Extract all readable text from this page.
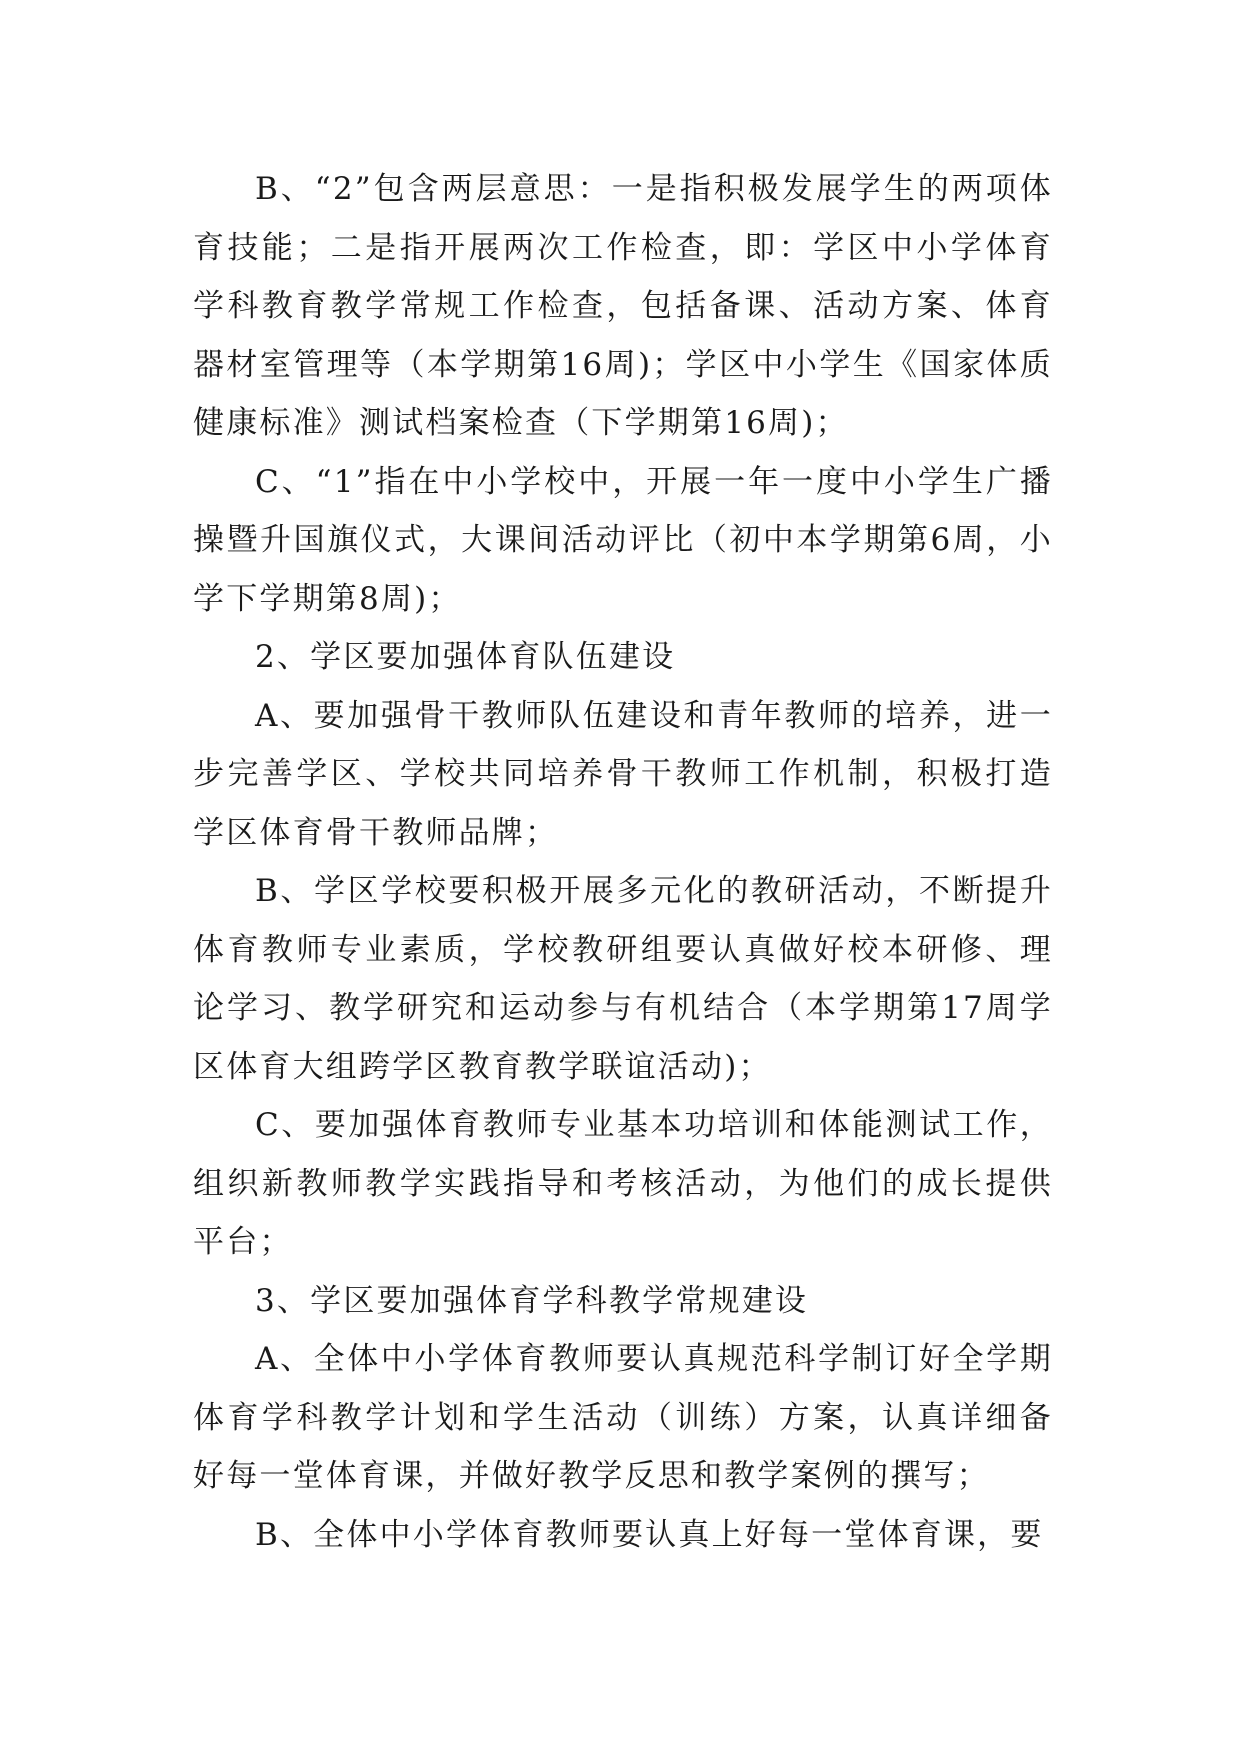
B、“2”包含两层意思：一是指积极发展学生的两项体育技能；二是指开展两次工作检查，即：学区中小学体育学科教育教学常规工作检查，包括备课、活动方案、体育器材室管理等（本学期第16周)；学区中小学生《国家体质健康标准》测试档案检查（下学期第16周)；

C、“1”指在中小学校中，开展一年一度中小学生广播操暨升国旗仪式，大课间活动评比（初中本学期第6周，小学下学期第8周)；

2、学区要加强体育队伍建设

A、要加强骨干教师队伍建设和青年教师的培养，进一步完善学区、学校共同培养骨干教师工作机制，积极打造学区体育骨干教师品牌；

B、学区学校要积极开展多元化的教研活动，不断提升体育教师专业素质，学校教研组要认真做好校本研修、理论学习、教学研究和运动参与有机结合（本学期第17周学区体育大组跨学区教育教学联谊活动)；

C、要加强体育教师专业基本功培训和体能测试工作，组织新教师教学实践指导和考核活动，为他们的成长提供平台；

3、学区要加强体育学科教学常规建设

A、全体中小学体育教师要认真规范科学制订好全学期体育学科教学计划和学生活动（训练）方案，认真详细备好每一堂体育课，并做好教学反思和教学案例的撰写；

B、全体中小学体育教师要认真上好每一堂体育课，要
